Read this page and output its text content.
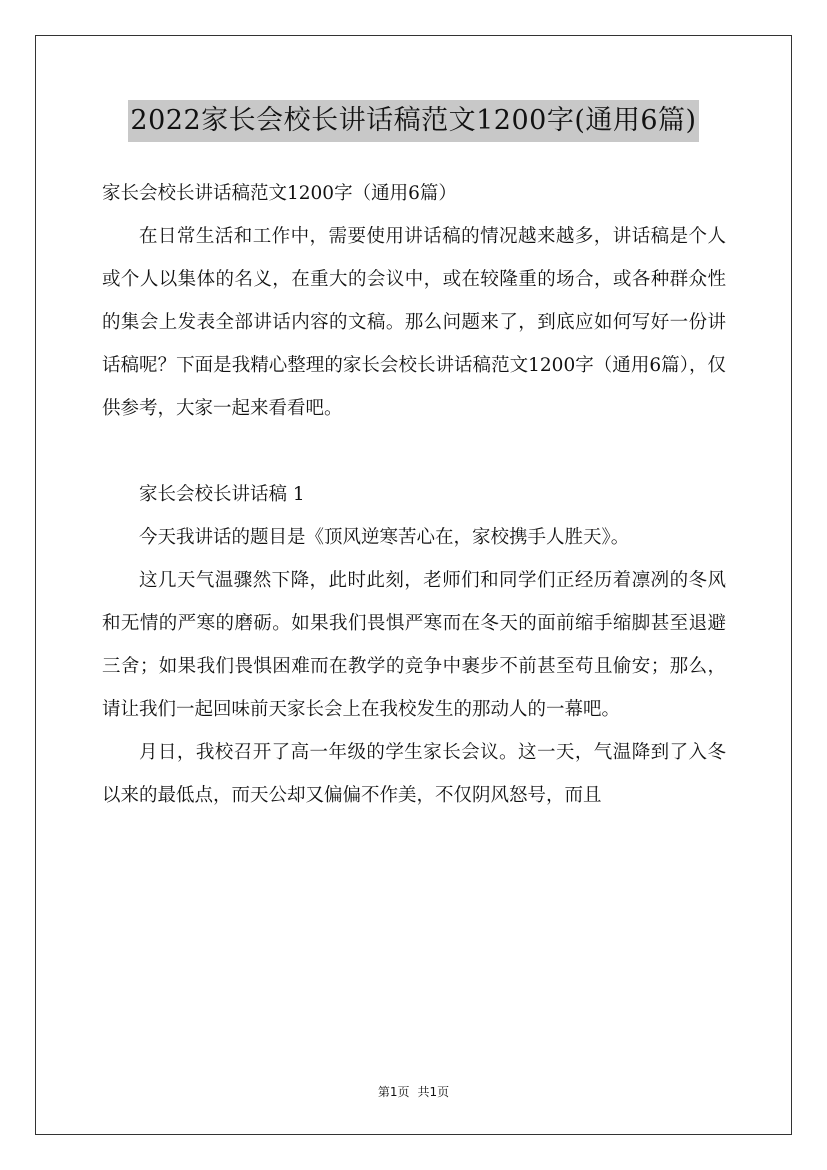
2022家长会校长讲话稿范文1200字(通用6篇)

家长会校长讲话稿范文1200字（通用6篇）

在日常生活和工作中，需要使用讲话稿的情况越来越多，讲话稿是个人或个人以集体的名义，在重大的会议中，或在较隆重的场合，或各种群众性的集会上发表全部讲话内容的文稿。那么问题来了，到底应如何写好一份讲话稿呢？下面是我精心整理的家长会校长讲话稿范文1200字（通用6篇），仅供参考，大家一起来看看吧。

家长会校长讲话稿 1

今天我讲话的题目是《顶风逆寒苦心在，家校携手人胜天》。

这几天气温骤然下降，此时此刻，老师们和同学们正经历着凛冽的冬风和无情的严寒的磨砺。如果我们畏惧严寒而在冬天的面前缩手缩脚甚至退避三舍；如果我们畏惧困难而在教学的竞争中裹步不前甚至苟且偷安；那么，请让我们一起回味前天家长会上在我校发生的那动人的一幕吧。

月日，我校召开了高一年级的学生家长会议。这一天，气温降到了入冬以来的最低点，而天公却又偏偏不作美，不仅阴风怒号，而且

第1页 共1页
